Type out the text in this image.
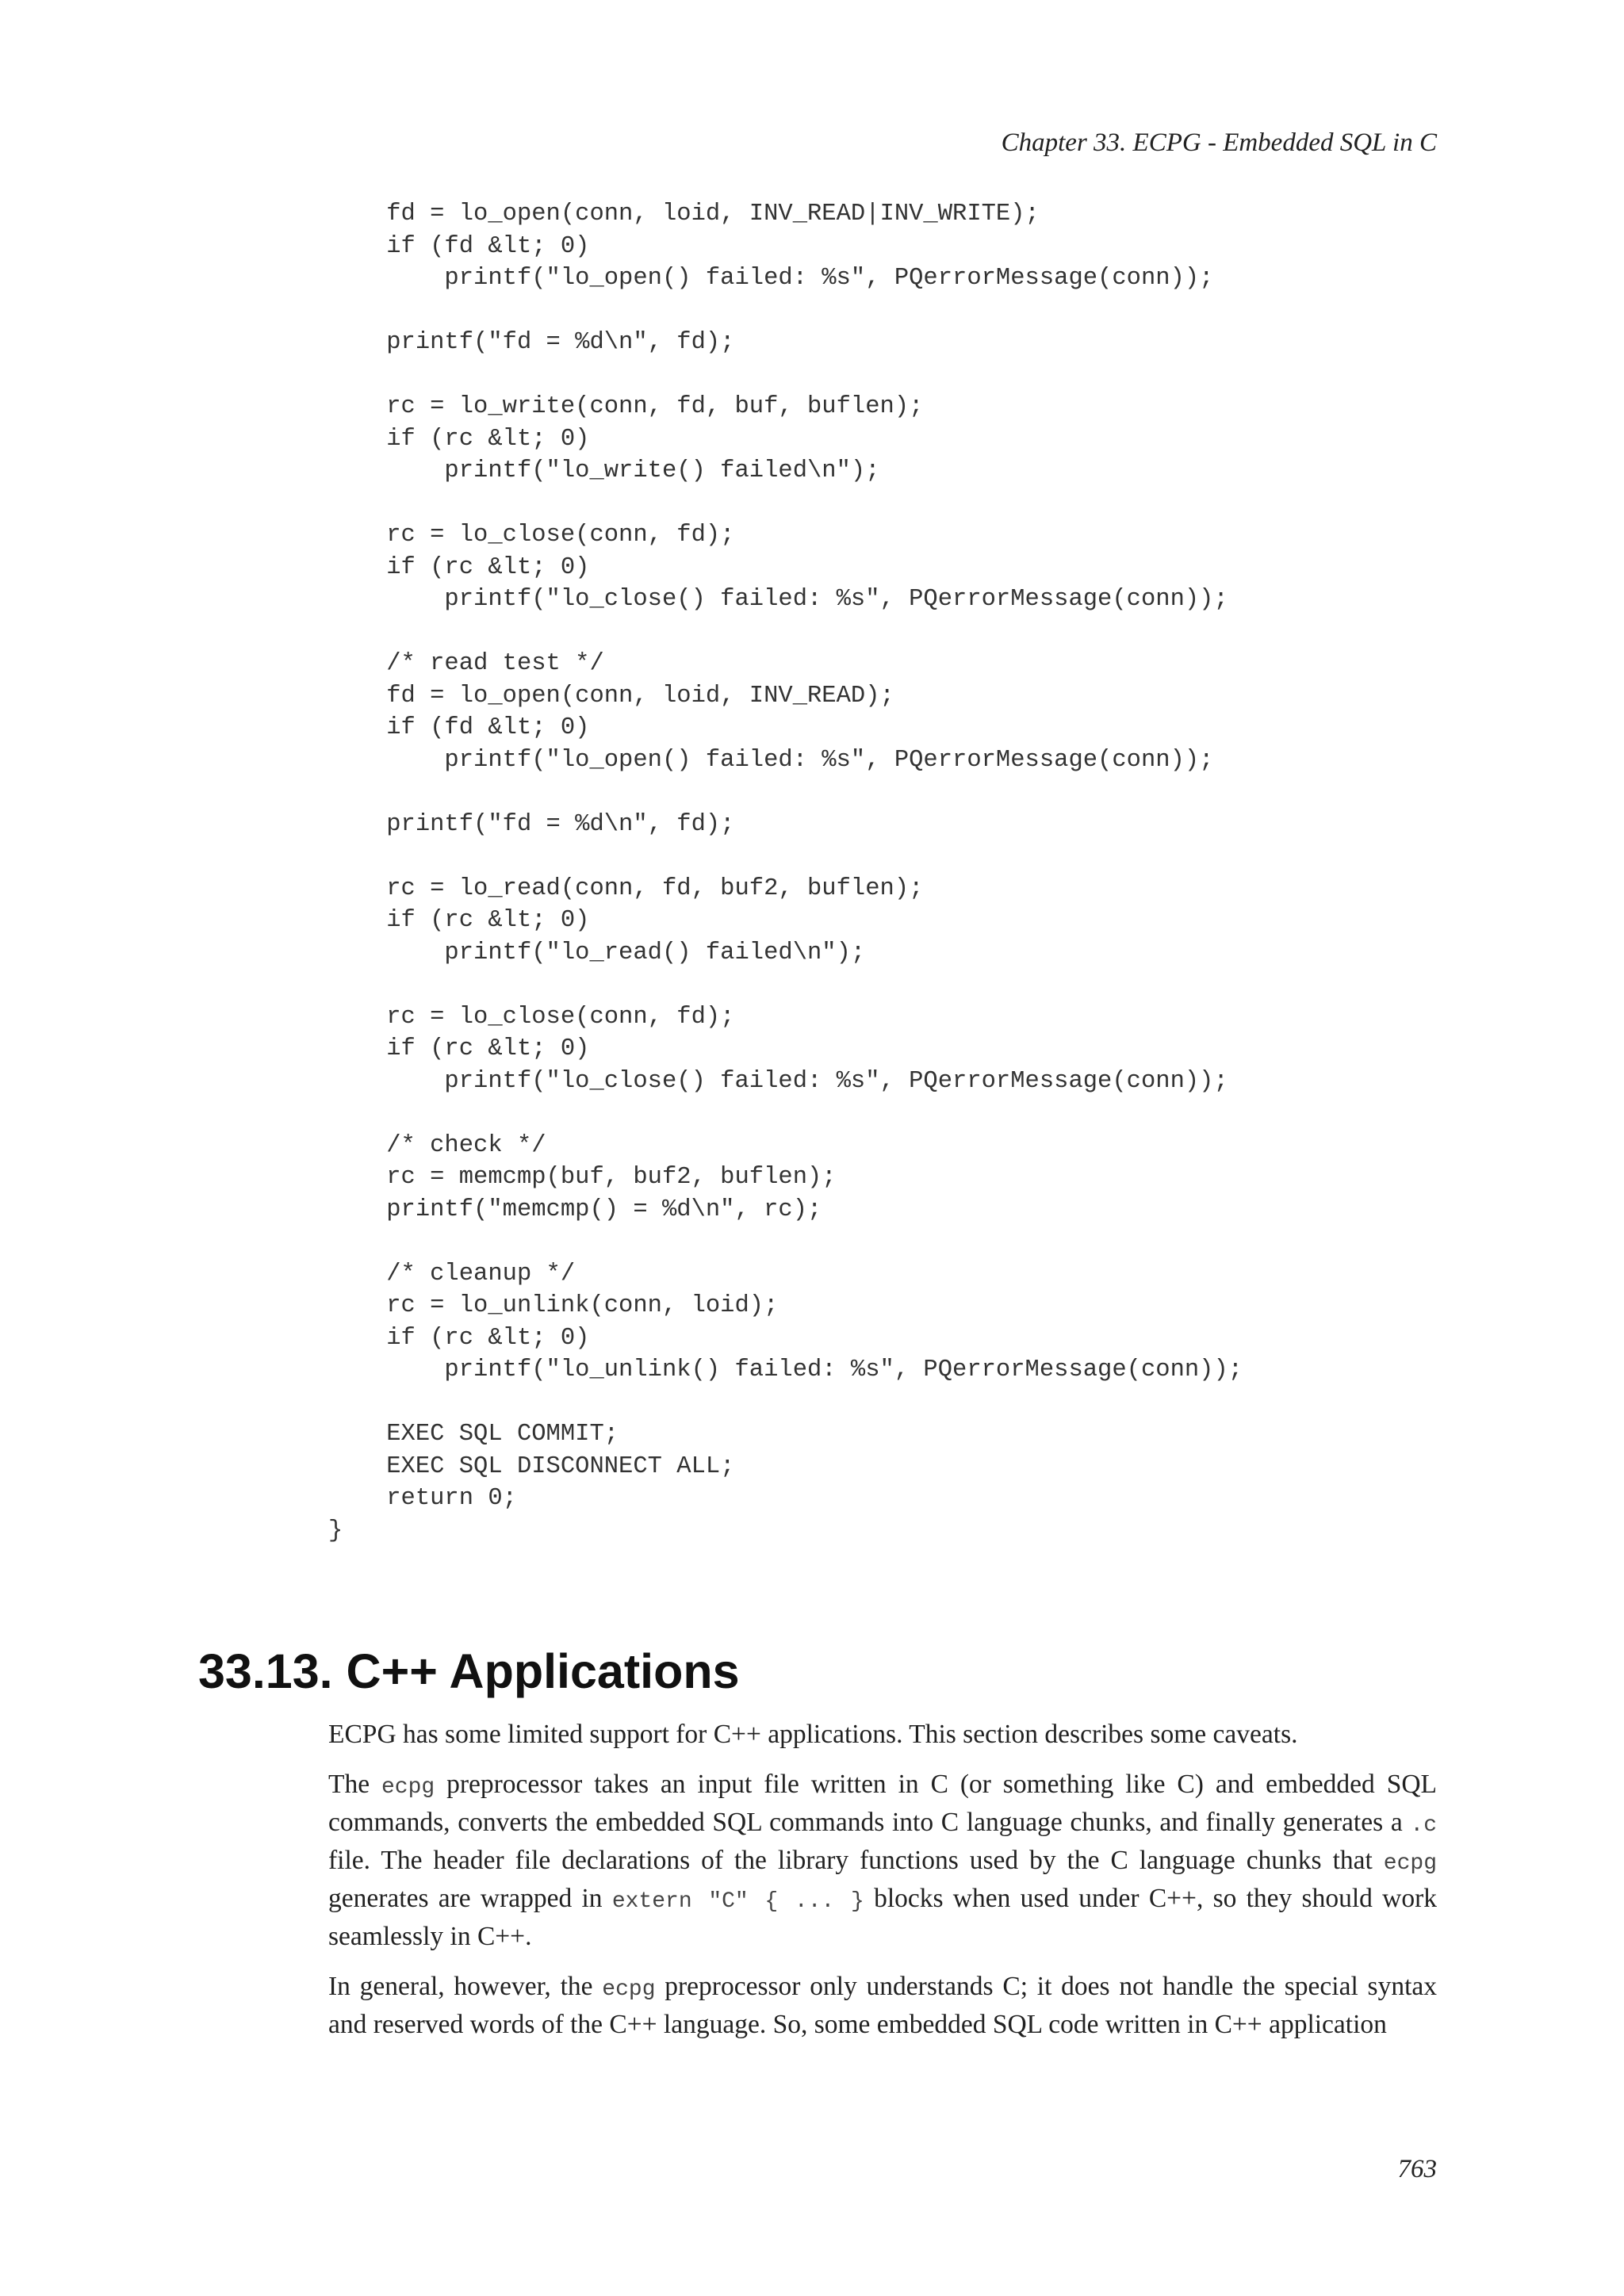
Chapter 33. ECPG - Embedded SQL in C
fd = lo_open(conn, loid, INV_READ|INV_WRITE);
if (fd &lt; 0)
printf("lo_open() failed: %s", PQerrorMessage(conn));

printf("fd = %d\n", fd);

rc = lo_write(conn, fd, buf, buflen);
if (rc &lt; 0)
printf("lo_write() failed\n");

rc = lo_close(conn, fd);
if (rc &lt; 0)
printf("lo_close() failed: %s", PQerrorMessage(conn));

/* read test */
fd = lo_open(conn, loid, INV_READ);
if (fd &lt; 0)
printf("lo_open() failed: %s", PQerrorMessage(conn));

printf("fd = %d\n", fd);

rc = lo_read(conn, fd, buf2, buflen);
if (rc &lt; 0)
printf("lo_read() failed\n");

rc = lo_close(conn, fd);
if (rc &lt; 0)
printf("lo_close() failed: %s", PQerrorMessage(conn));

/* check */
rc = memcmp(buf, buf2, buflen);
printf("memcmp() = %d\n", rc);

/* cleanup */
rc = lo_unlink(conn, loid);
if (rc &lt; 0)
printf("lo_unlink() failed: %s", PQerrorMessage(conn));

EXEC SQL COMMIT;
EXEC SQL DISCONNECT ALL;
return 0;
}
33.13. C++ Applications

ECPG has some limited support for C++ applications. This section describes some caveats.

The ecpg preprocessor takes an input file written in C (or something like C) and embedded SQL commands, converts the embedded SQL commands into C language chunks, and finally generates a .c file. The header file declarations of the library functions used by the C language chunks that ecpg generates are wrapped in extern "C" { ... } blocks when used under C++, so they should work seamlessly in C++.

In general, however, the ecpg preprocessor only understands C; it does not handle the special syntax and reserved words of the C++ language. So, some embedded SQL code written in C++ application

763
